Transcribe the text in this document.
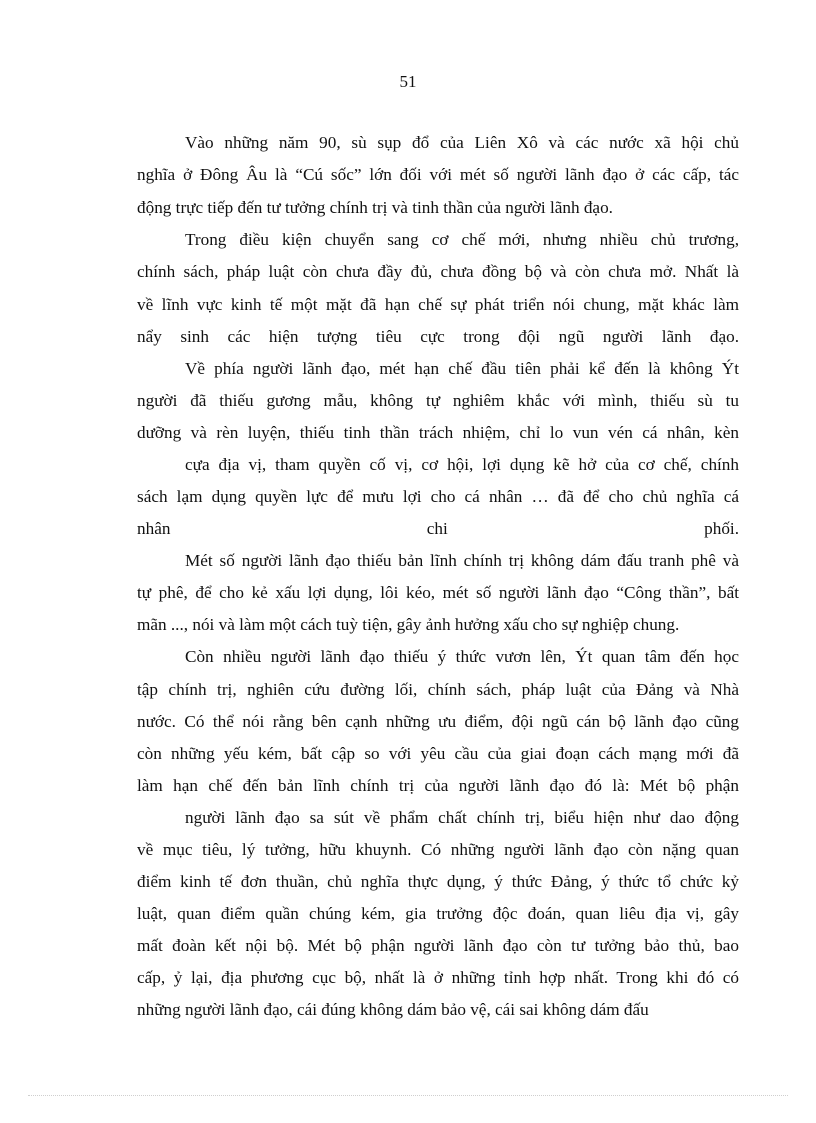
51

Vào những năm 90, sù sụp đổ của Liên Xô và các nước xã hội chủ

nghĩa ở Đông Âu là “Cú sốc” lớn đối với mét số người lãnh đạo ở các cấp, tác

động trực tiếp đến tư tưởng chính trị và tinh thần của người lãnh đạo.

Trong điều kiện chuyển sang cơ chế mới, nhưng nhiều chủ trương,

chính sách, pháp luật còn chưa đầy đủ, chưa đồng bộ và còn chưa mở. Nhất là

về lĩnh vực kinh tế một mặt đã hạn chế sự phát triển nói chung, mặt khác làm

nẩy sinh các hiện tượng tiêu cực trong đội ngũ người lãnh đạo.

Về phía người lãnh đạo, mét hạn chế đầu tiên phải kể đến là không Ýt

người đã thiếu gương mẫu, không tự nghiêm khắc với mình, thiếu sù tu

dưỡng và rèn luyện, thiếu tinh thần trách nhiệm, chỉ lo vun vén cá nhân, kèn

cựa địa vị, tham quyền cố vị, cơ hội, lợi dụng kẽ hở của cơ chế, chính

sách lạm dụng quyền lực để mưu lợi cho cá nhân … đã để cho chủ nghĩa cá

nhân chi phối.

Mét số người lãnh đạo thiếu bản lĩnh chính trị không dám đấu tranh phê và

tự phê, để cho kẻ xấu lợi dụng, lôi kéo, mét số người lãnh đạo “Công thần”, bất

mãn ..., nói và làm một cách tuỳ tiện, gây ảnh hưởng xấu cho sự nghiệp chung.

Còn nhiều người lãnh đạo thiếu ý thức vươn lên, Ýt quan tâm đến học

tập chính trị, nghiên cứu đường lối, chính sách, pháp luật của Đảng và Nhà

nước. Có thể nói rằng bên cạnh những ưu điểm, đội ngũ cán bộ lãnh đạo cũng

còn những yếu kém, bất cập so với yêu cầu của giai đoạn cách mạng mới đã

làm hạn chế đến bản lĩnh chính trị của người lãnh đạo đó là: Mét bộ phận

người lãnh đạo sa sút về phẩm chất chính trị, biểu hiện như dao động

về mục tiêu, lý tưởng, hữu khuynh. Có những người lãnh đạo còn nặng quan

điểm kinh tế đơn thuần, chủ nghĩa thực dụng, ý thức Đảng, ý thức tổ chức kỷ

luật, quan điểm quần chúng kém, gia trưởng độc đoán, quan liêu địa vị, gây

mất đoàn kết nội bộ. Mét bộ phận người lãnh đạo còn tư tưởng bảo thủ, bao

cấp, ỷ lại, địa phương cục bộ, nhất là ở những tỉnh hợp nhất. Trong khi đó có

những người lãnh đạo, cái đúng không dám bảo vệ, cái sai không dám đấu
